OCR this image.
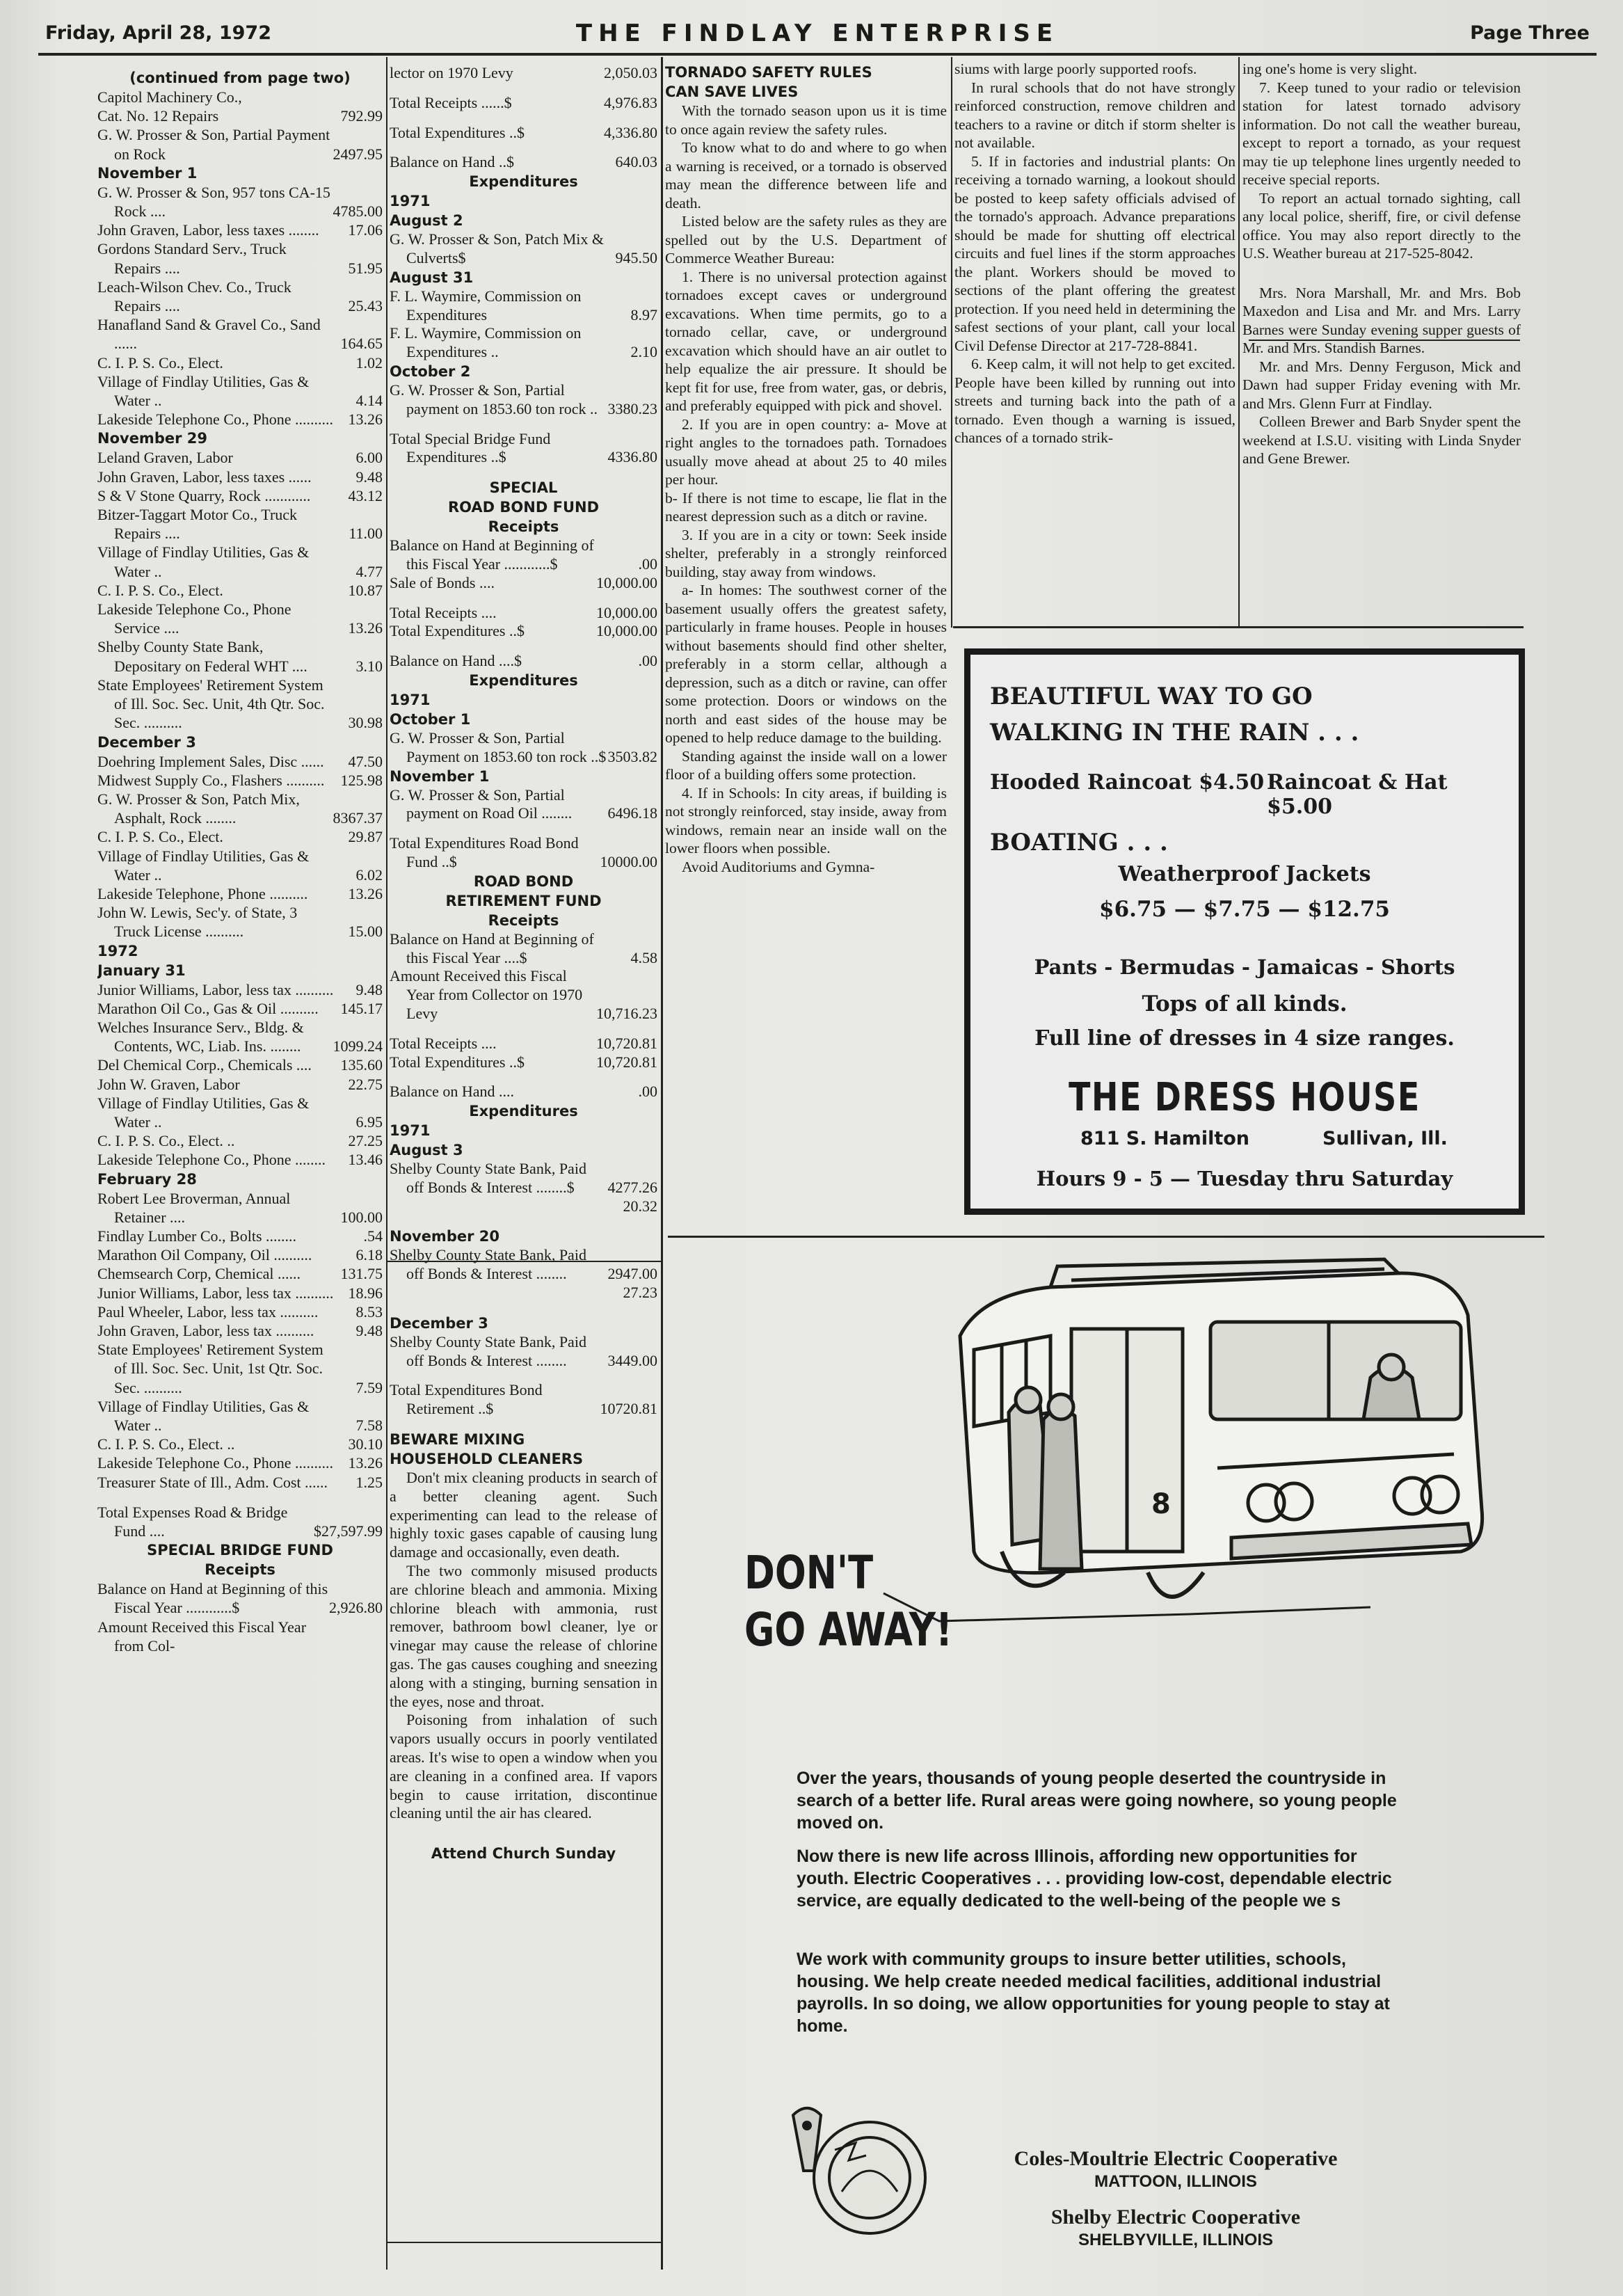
Friday, April 28, 1972	THE FINDLAY ENTERPRISE	Page Three
(continued from page two)
Capitol Machinery Co.,
Cat. No. 12 Repairs	792.99
G. W. Prosser & Son, Partial Payment on Rock	2497.95
November 1
G. W. Prosser & Son, 957 tons CA-15 Rock ....	4785.00
John Graven, Labor, less taxes ........	17.06
Gordons Standard Serv., Truck Repairs ....	51.95
Leach-Wilson Chev. Co., Truck Repairs ....	25.43
Hanafland Sand & Gravel Co., Sand ......	164.65
C. I. P. S. Co., Elect.	1.02
Village of Findlay Utilities, Gas & Water ..	4.14
Lakeside Telephone Co., Phone .......... 13.26
November 29
Leland Graven, Labor	6.00
John Graven, Labor, less taxes ......	9.48
S & V Stone Quarry, Rock ............	43.12
Bitzer-Taggart Motor Co., Truck Repairs ....	11.00
Village of Findlay Utilities, Gas & Water ..	4.77
C. I. P. S. Co., Elect.	10.87
Lakeside Telephone Co., Phone Service ....	13.26
Shelby County State Bank, Depositary on Federal WHT ....	3.10
State Employees' Retirement System of Ill. Soc. Sec. Unit, 4th Qtr. Soc. Sec. ..........	30.98
December 3
Doehring Implement Sales, Disc ......	47.50
Midwest Supply Co., Flashers ..........	125.98
G. W. Prosser & Son, Patch Mix, Asphalt, Rock ........	8367.37
C. I. P. S. Co., Elect.	29.87
Village of Findlay Utilities, Gas & Water ..	6.02
Lakeside Telephone, Phone ..........	13.26
John W. Lewis, Sec'y. of State, 3 Truck License ..........	15.00
1972
January 31
Junior Williams, Labor, less tax ..........	9.48
Marathon Oil Co., Gas & Oil ..........	145.17
Welches Insurance Serv., Bldg. & Contents, WC, Liab. Ins. ........	1099.24
Del Chemical Corp., Chemicals ....	135.60
John W. Graven, Labor	22.75
Village of Findlay Utilities, Gas & Water ..	6.95
C. I. P. S. Co., Elect. ..	27.25
Lakeside Telephone Co., Phone ........	13.46
February 28
Robert Lee Broverman, Annual Retainer ....	100.00
Findlay Lumber Co., Bolts ........	.54
Marathon Oil Company, Oil ..........	6.18
Chemsearch Corp, Chemical ......	131.75
Junior Williams, Labor, less tax .......... 18.96
Paul Wheeler, Labor, less tax ..........	8.53
John Graven, Labor, less tax ..........	9.48
State Employees' Retirement System of Ill. Soc. Sec. Unit, 1st Qtr. Soc. Sec. ..........	7.59
Village of Findlay Utilities, Gas & Water ..	7.58
C. I. P. S. Co., Elect. ..	30.10
Lakeside Telephone Co., Phone .......... 13.26
Treasurer State of Ill., Adm. Cost ......	1.25
Total Expenses Road & Bridge Fund ....	$27,597.99
SPECIAL BRIDGE FUND
Receipts
Balance on Hand at Beginning of this Fiscal Year ............$	2,926.80
Amount Received this Fiscal Year from Col-
lector on 1970 Levy	2,050.03
Total Receipts ......$	4,976.83
Total Expenditures ..$	4,336.80
Balance on Hand ..$	640.03
Expenditures
1971
August 2
G. W. Prosser & Son, Patch Mix & Culverts$	945.50
August 31
F. L. Waymire, Commission on Expenditures	8.97
F. L. Waymire, Commission on Expenditures ..	2.10
October 2
G. W. Prosser & Son, Partial payment on 1853.60 ton rock .. 3380.23
Total Special Bridge Fund Expenditures ..$	4336.80
SPECIAL
ROAD BOND FUND
Receipts
Balance on Hand at Beginning of this Fiscal Year ............$	.00
Sale of Bonds ....	10,000.00
Total Receipts ....	10,000.00
Total Expenditures ..$	10,000.00
Balance on Hand ....$	.00
Expenditures
1971
October 1
G. W. Prosser & Son, Partial Payment on 1853.60 ton rock ..$ 3503.82
November 1
G. W. Prosser & Son, Partial payment on Road Oil ........	6496.18
Total Expenditures Road Bond Fund ..$	10000.00
ROAD BOND
RETIREMENT FUND
Receipts
Balance on Hand at Beginning of this Fiscal Year ....$	4.58
Amount Received this Fiscal Year from Collector on 1970 Levy	10,716.23
Total Receipts ....	10,720.81
Total Expenditures ..$	10,720.81
Balance on Hand ....	.00
Expenditures
1971
August 3
Shelby County State Bank, Paid off Bonds & Interest ........$	4277.26
20.32
November 20
Shelby County State Bank, Paid off Bonds & Interest ........	2947.00
27.23
December 3
Shelby County State Bank, Paid off Bonds & Interest ........	3449.00
Total Expenditures Bond Retirement ..$	10720.81
BEWARE MIXING
HOUSEHOLD CLEANERS

Don't mix cleaning products in search of a better cleaning agent. Such experimenting can lead to the release of highly toxic gases capable of causing lung damage and occasionally, even death.

The two commonly misused products are chlorine bleach and ammonia. Mixing chlorine bleach with ammonia, rust remover, bathroom bowl cleaner, lye or vinegar may cause the release of chlorine gas. The gas causes coughing and sneezing along with a stinging, burning sensation in the eyes, nose and throat.

Poisoning from inhalation of such vapors usually occurs in poorly ventilated areas. It's wise to open a window when you are cleaning in a confined area. If vapors begin to cause irritation, discontinue cleaning until the air has cleared.

Attend Church Sunday
TORNADO SAFETY RULES
CAN SAVE LIVES

With the tornado season upon us it is time to once again review the safety rules.

To know what to do and where to go when a warning is received, or a tornado is observed may mean the difference between life and death.

Listed below are the safety rules as they are spelled out by the U.S. Department of Commerce Weather Bureau:

1. There is no universal protection against tornadoes except caves or underground excavations. When time permits, go to a tornado cellar, cave, or underground excavation which should have an air outlet to help equalize the air pressure. It should be kept fit for use, free from water, gas, or debris, and preferably equipped with pick and shovel.

2. If you are in open country: a- Move at right angles to the tornadoes path. Tornadoes usually move ahead at about 25 to 40 miles per hour.

b- If there is not time to escape, lie flat in the nearest depression such as a ditch or ravine.

3. If you are in a city or town: Seek inside shelter, preferably in a strongly reinforced building, stay away from windows.

a- In homes: The southwest corner of the basement usually offers the greatest safety, particularly in frame houses. People in houses without basements should find other shelter, preferably in a storm cellar, although a depression, such as a ditch or ravine, can offer some protection. Doors or windows on the north and east sides of the house may be opened to help reduce damage to the building.

Standing against the inside wall on a lower floor of a building offers some protection.

4. If in Schools: In city areas, if building is not strongly reinforced, stay inside, away from windows, remain near an inside wall on the lower floors when possible.

Avoid Auditoriums and Gymna-

siums with large poorly supported roofs.

In rural schools that do not have strongly reinforced construction, remove children and teachers to a ravine or ditch if storm shelter is not available.

5. If in factories and industrial plants: On receiving a tornado warning, a lookout should be posted to keep safety officials advised of the tornado's approach. Advance preparations should be made for shutting off electrical circuits and fuel lines if the storm approaches the plant. Workers should be moved to sections of the plant offering the greatest protection. If you need held in determining the safest sections of your plant, call your local Civil Defense Director at 217-728-8841.

6. Keep calm, it will not help to get excited. People have been killed by running out into streets and turning back into the path of a tornado. Even though a warning is issued, chances of a tornado strik-

ing one's home is very slight.

7. Keep tuned to your radio or television station for latest tornado advisory information. Do not call the weather bureau, except to report a tornado, as your request may tie up telephone lines urgently needed to receive special reports.

To report an actual tornado sighting, call any local police, sheriff, fire, or civil defense office. You may also report directly to the U.S. Weather bureau at 217-525-8042.

Mrs. Nora Marshall, Mr. and Mrs. Bob Maxedon and Lisa and Mr. and Mrs. Larry Barnes were Sunday evening supper guests of Mr. and Mrs. Standish Barnes.

Mr. and Mrs. Denny Ferguson, Mick and Dawn had supper Friday evening with Mr. and Mrs. Glenn Furr at Findlay.

Colleen Brewer and Barb Snyder spent the weekend at I.S.U. visiting with Linda Snyder and Gene Brewer.

BEAUTIFUL WAY TO GO
WALKING IN THE RAIN . . .
Hooded Raincoat $4.50 Raincoat & Hat $5.00
BOATING . . .
Weatherproof Jackets
$6.75 — $7.75 — $12.75
Pants - Bermudas - Jamaicas - Shorts
Tops of all kinds.
Full line of dresses in 4 size ranges.
THE DRESS HOUSE
811 S. Hamilton	Sullivan, Ill.
Hours 9 - 5 — Tuesday thru Saturday
8
DON'T
GO AWAY!

Over the years, thousands of young people deserted the countryside in search of a better life. Rural areas were going nowhere, so young people moved on.

Now there is new life across Illinois, affording new opportunities for youth. Electric Cooperatives . . . providing low-cost, dependable electric service, are equally dedicated to the well-being of the people we s

We work with community groups to insure better utilities, schools, housing. We help create needed medical facilities, additional industrial payrolls. In so doing, we allow opportunities for young people to stay at home.

Coles-Moultrie Electric Cooperative
MATTOON, ILLINOIS
Shelby Electric Cooperative
SHELBYVILLE, ILLINOIS
